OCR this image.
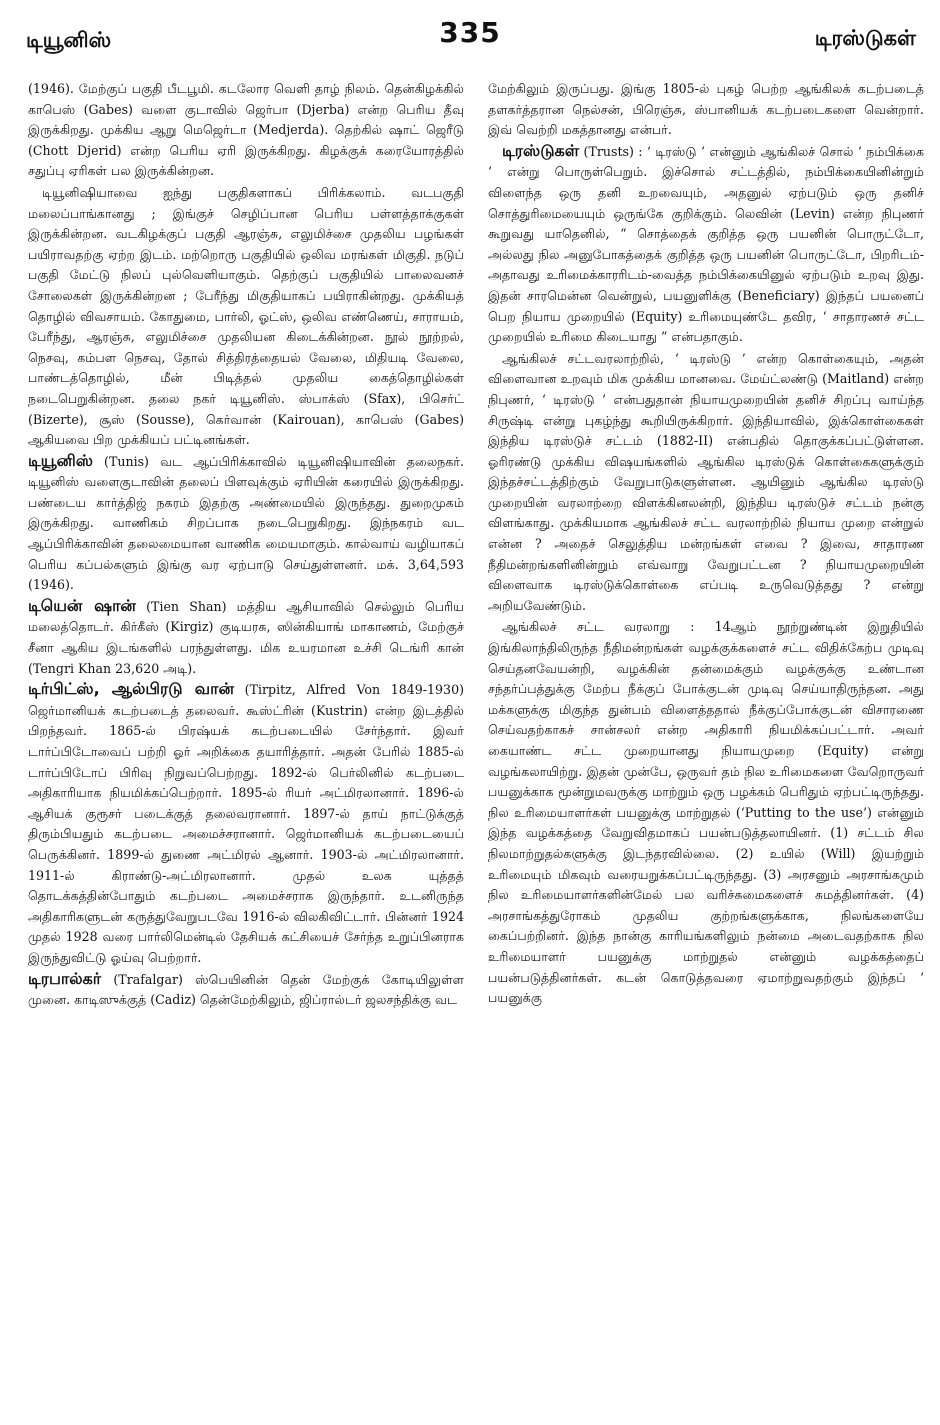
டியூனிஸ்	335	டிரஸ்டுகள்

(1946). மேற்குப் பகுதி பீடபூமி. கடலோர வெளி தாழ் நிலம். தென்கிழக்கில் காபெஸ் (Gabes) வளை குடாவில் ஜெர்பா (Djerba) என்ற பெரிய தீவு இருக்கிறது. முக்கிய ஆறு மெஜெர்டா (Medjerda). தெற்கில் ஷாட் ஜெரீடு (Chott Djerid) என்ற பெரிய ஏரி இருக்கிறது. கிழக்குக் கரையோரத்தில் சதுப்பு ஏரிகள் பல இருக்கின்றன.

டியூனிஷியாவை ஐந்து பகுதிகளாகப் பிரிக்கலாம். வடபகுதி மலைப்பாங்கானது ; இங்குச் செழிப்பான பெரிய பள்ளத்தாக்குகள் இருக்கின்றன. வடகிழக்குப் பகுதி ஆரஞ்சு, எலுமிச்சை முதலிய பழங்கள் பயிராவதற்கு ஏற்ற இடம். மற்றொரு பகுதியில் ஒலிவ மரங்கள் மிகுதி. நடுப் பகுதி மேட்டு நிலப் புல்வெளியாகும். தெற்குப் பகுதியில் பாலைவனச் சோலைகள் இருக்கின்றன ; பேரீந்து மிகுதியாகப் பயிராகின்றது. முக்கியத் தொழில் விவசாயம். கோதுமை, பார்லி, ஓட்ஸ், ஒலிவ எண்ணெய், சாராயம், பேரீந்து, ஆரஞ்சு, எலுமிச்சை முதலியன கிடைக்கின்றன. நூல் நூற்றல், நெசவு, கம்பள நெசவு, தோல் சித்திரத்தையல் வேலை, மிதியடி வேலை, பாண்டத்தொழில், மீன் பிடித்தல் முதலிய கைத்தொழில்கள் நடைபெறுகின்றன. தலை நகர் டியூனிஸ். ஸ்பாக்ஸ் (Sfax), பிசெர்ட் (Bizerte), சூஸ் (Sousse), கெர்வான் (Kairouan), காபெஸ் (Gabes) ஆகியவை பிற முக்கியப் பட்டினங்கள்.

டியூனிஸ் (Tunis) வட ஆப்பிரிக்காவில் டியூனிஷியாவின் தலைநகர். டியூனிஸ் வளைகுடாவின் தலைப் பிளவுக்கும் ஏரியின் கரையில் இருக்கிறது. பண்டைய கார்த்திஜ் நகரம் இதற்கு அண்மையில் இருந்தது. துறைமுகம் இருக்கிறது. வாணிகம் சிறப்பாக நடைபெறுகிறது. இந்நகரம் வட ஆப்பிரிக்காவின் தலைமையான வாணிக மையமாகும். கால்வாய் வழியாகப் பெரிய கப்பல்களும் இங்கு வர ஏற்பாடு செய்துள்ளனர். மக். 3,64,593 (1946).

டியென் ஷான் (Tien Shan) மத்திய ஆசியாவில் செல்லும் பெரிய மலைத்தொடர். கிர்கீஸ் (Kirgiz) குடியரசு, ஸின்கியாங் மாகாணம், மேற்குச் சீனா ஆகிய இடங்களில் பரந்துள்ளது. மிக உயரமான உச்சி டெங்ரி கான் (Tengri Khan 23,620 அடி).

டிர்பிட்ஸ், ஆல்பிரடு வான் (Tirpitz, Alfred Von 1849-1930) ஜெர்மானியக் கடற்படைத் தலைவர். கூஸ்ட்ரின் (Kustrin) என்ற இடத்தில் பிறந்தவர். 1865-ல் பிரஷ்யக் கடற்படையில் சேர்ந்தார். இவர் டார்ப்பிடோவைப் பற்றி ஓர் அறிக்கை தயாரித்தார். அதன் பேரில் 1885-ல் டார்ப்பிடோப் பிரிவு நிறுவப்பெற்றது. 1892-ல் பெர்லினில் கடற்படை அதிகாரியாக நியமிக்கப்பெற்றார். 1895-ல் ரியர் அட்மிரலானார். 1896-ல் ஆசியக் குரூசர் படைக்குத் தலைவரானார். 1897-ல் தாய் நாட்டுக்குத் திரும்பியதும் கடற்படை அமைச்சரானார். ஜெர்மானியக் கடற்படையைப் பெருக்கினர். 1899-ல் துணை அட்மிரல் ஆனார். 1903-ல் அட்மிரலானார். 1911-ல் கிராண்டு-அட்மிரலானார். முதல் உலக யுத்தத் தொடக்கத்தின்போதும் கடற்படை அமைச்சராக இருந்தார். உடனிருந்த அதிகாரிகளுடன் கருத்துவேறுபடவே 1916-ல் விலகிவிட்டார். பின்னர் 1924 முதல் 1928 வரை பார்லிமென்டில் தேசியக் கட்சியைச் சேர்ந்த உறுப்பினராக இருந்துவிட்டு ஓய்வு பெற்றார்.

டிரபால்கர் (Trafalgar) ஸ்பெயினின் தென் மேற்குக் கோடியிலுள்ள முனை. காடிஸுக்குத் (Cadiz) தென்மேற்கிலும், ஜிப்ரால்டர் ஜலசந்திக்கு வட

மேற்கிலும் இருப்பது. இங்கு 1805-ல் புகழ் பெற்ற ஆங்கிலக் கடற்படைத் தளகர்த்தரான நெல்சன், பிரெஞ்சு, ஸ்பானியக் கடற்படைகளை வென்றார். இவ் வெற்றி மகத்தானது என்பர்.

டிரஸ்டுகள் (Trusts) : ‘ டிரஸ்டு ’ என்னும் ஆங்கிலச் சொல் ‘ நம்பிக்கை ’ என்று பொருள்பெறும். இச்சொல் சட்டத்தில், நம்பிக்கையினின்றும் விளைந்த ஒரு தனி உறவையும், அதனுல் ஏற்படும் ஒரு தனிச் சொத்துரிமையையும் ஒருங்கே குறிக்கும். லெவின் (Levin) என்ற நிபுணர் கூறுவது யாதெனில், “ சொத்தைக் குறித்த ஒரு பயனின் பொருட்டோ, அல்லது நில அனுபோகத்தைக் குறித்த ஒரு பயனின் பொருட்டோ, பிறரிடம்-அதாவது உரிமைக்காரரிடம்-வைத்த நம்பிக்கையினுல் ஏற்படும் உறவு இது. இதன் சாரமென்ன வென்றுல், பயனுளிக்கு (Beneficiary) இந்தப் பயனைப் பெற நியாய முறையில் (Equity) உரிமையுண்டே தவிர, ‘ சாதாரணச் சட்ட முறையில் உரிமை கிடையாது ” என்பதாகும்.

ஆங்கிலச் சட்டவரலாற்றில், ‘ டிரஸ்டு ’ என்ற கொள்கையும், அதன் விளைவான உறவும் மிக முக்கிய மானவை. மேய்ட்லண்டு (Maitland) என்ற நிபுணர், ‘ டிரஸ்டு ’ என்பதுதான் நியாயமுறையின் தனிச் சிறப்பு வாய்ந்த சிருஷ்டி என்று புகழ்ந்து கூறியிருக்கிறார். இந்தியாவில், இக்கொள்கைகள் இந்திய டிரஸ்டுச் சட்டம் (1882-II) என்பதில் தொகுக்கப்பட்டுள்ளன. ஓரிரண்டு முக்கிய விஷயங்களில் ஆங்கில டிரஸ்டுக் கொள்கைகளுக்கும் இந்தச்சட்டத்திற்கும் வேறுபாடுகளுள்ளன. ஆயினும் ஆங்கில டிரஸ்டு முறையின் வரலாற்றை விளக்கினலன்றி, இந்திய டிரஸ்டுச் சட்டம் நன்கு விளங்காது. முக்கியமாக ஆங்கிலச் சட்ட வரலாற்றில் நியாய முறை என்றுல் என்ன ? அதைச் செலுத்திய மன்றங்கள் எவை ? இவை, சாதாரண நீதிமன்றங்களினின்றும் எவ்வாறு வேறுபட்டன ? நியாயமுறையின் விளைவாக டிரஸ்டுக்கொள்கை எப்படி உருவெடுத்தது ? என்று அறியவேண்டும்.

ஆங்கிலச் சட்ட வரலாறு : 14ஆம் நூற்றுண்டின் இறுதியில் இங்கிலாந்திலிருந்த நீதிமன்றங்கள் வழக்குக்களைச் சட்ட விதிக்கேற்ப முடிவு செய்தனவேயன்றி, வழக்கின் தன்மைக்கும் வழக்குக்கு உண்டான சந்தர்ப்பத்துக்கு மேற்ப நீக்குப் போக்குடன் முடிவு செய்யாதிருந்தன. அது மக்களுக்கு மிகுந்த துன்பம் விளைத்ததால் நீக்குப்போக்குடன் விசாரணை செய்வதற்காகச் சான்சலர் என்ற அதிகாரி நியமிக்கப்பட்டார். அவர் கையாண்ட சட்ட முறையானது நியாயமுறை (Equity) என்று வழங்கலாயிற்று. இதன் முன்பே, ஒருவர் தம் நில உரிமைகளை வேறொருவர் பயனுக்காக மூன்றுமவருக்கு மாற்றும் ஒரு பழக்கம் பெரிதும் ஏற்பட்டிருந்தது. நில உரிமையாளர்கள் பயனுக்கு மாற்றுதல் (‘Putting to the use’) என்னும் இந்த வழக்கத்தை வேறுவிதமாகப் பயன்படுத்தலாயினர். (1) சட்டம் சில நிலமாற்றுதல்களுக்கு இடந்தரவில்லை. (2) உயில் (Will) இயற்றும் உரிமையும் மிகவும் வரையறுக்கப்பட்டிருந்தது. (3) அரசனும் அரசாங்கமும் நில உரிமையாளர்களின்மேல் பல வரிச்சுமைகளைச் சுமத்தினர்கள். (4) அரசாங்கத்துரோகம் முதலிய குற்றங்களுக்காக, நிலங்களையே கைப்பற்றினர். இந்த நான்கு காரியங்களிலும் நன்மை அடைவதற்காக நில உரிமையாளர் பயனுக்கு மாற்றுதல் என்னும் வழக்கத்தைப் பயன்படுத்தினர்கள். கடன் கொடுத்தவரை ஏமாற்றுவதற்கும் இந்தப் ‘ பயனுக்கு
